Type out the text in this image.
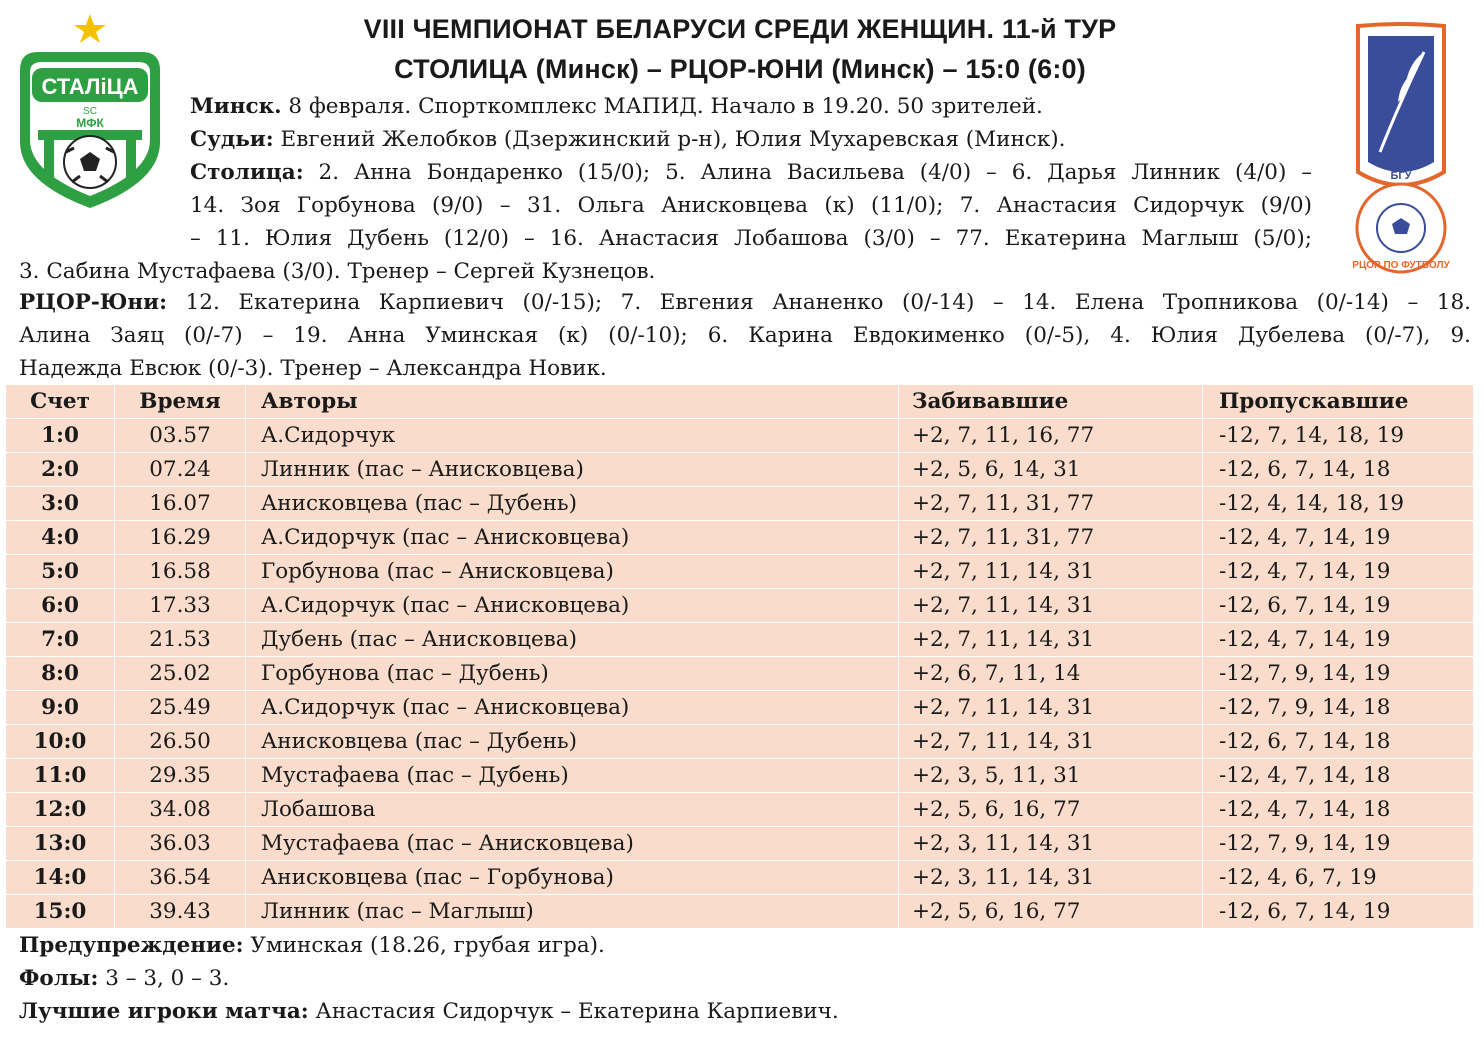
СТАЛіЦА
SC
МФК
БГУ
РЦОР ПО ФУТБОЛУ
VIII ЧЕМПИОНАТ БЕЛАРУСИ СРЕДИ ЖЕНЩИН. 11-й ТУР
СТОЛИЦА (Минск) – РЦОР-ЮНИ (Минск) – 15:0 (6:0)
Минск. 8 февраля. Спорткомплекс МАПИД. Начало в 19.20. 50 зрителей.
Судьи: Евгений Желобков (Дзержинский р-н), Юлия Мухаревская (Минск).
Столица: 2. Анна Бондаренко (15/0); 5. Алина Васильева (4/0) – 6. Дарья Линник (4/0) –
14. Зоя Горбунова (9/0) – 31. Ольга Анисковцева (к) (11/0); 7. Анастасия Сидорчук (9/0)
– 11. Юлия Дубень (12/0) – 16. Анастасия Лобашова (3/0) – 77. Екатерина Маглыш (5/0);
3. Сабина Мустафаева (3/0). Тренер – Сергей Кузнецов.
РЦОР-Юни: 12. Екатерина Карпиевич (0/-15); 7. Евгения Ананенко (0/-14) – 14. Елена Тропникова (0/-14) – 18.
Алина Заяц (0/-7) – 19. Анна Уминская (к) (0/-10); 6. Карина Евдокименко (0/-5), 4. Юлия Дубелева (0/-7), 9.
Надежда Евсюк (0/-3). Тренер – Александра Новик.
Счет	Время	Авторы	Забивавшие	Пропускавшие
1:0	03.57	А.Сидорчук	+2, 7, 11, 16, 77	-12, 7, 14, 18, 19
2:0	07.24	Линник (пас – Анисковцева)	+2, 5, 6, 14, 31	-12, 6, 7, 14, 18
3:0	16.07	Анисковцева (пас – Дубень)	+2, 7, 11, 31, 77	-12, 4, 14, 18, 19
4:0	16.29	А.Сидорчук (пас – Анисковцева)	+2, 7, 11, 31, 77	-12, 4, 7, 14, 19
5:0	16.58	Горбунова (пас – Анисковцева)	+2, 7, 11, 14, 31	-12, 4, 7, 14, 19
6:0	17.33	А.Сидорчук (пас – Анисковцева)	+2, 7, 11, 14, 31	-12, 6, 7, 14, 19
7:0	21.53	Дубень (пас – Анисковцева)	+2, 7, 11, 14, 31	-12, 4, 7, 14, 19
8:0	25.02	Горбунова (пас – Дубень)	+2, 6, 7, 11, 14	-12, 7, 9, 14, 19
9:0	25.49	А.Сидорчук (пас – Анисковцева)	+2, 7, 11, 14, 31	-12, 7, 9, 14, 18
10:0	26.50	Анисковцева (пас – Дубень)	+2, 7, 11, 14, 31	-12, 6, 7, 14, 18
11:0	29.35	Мустафаева (пас – Дубень)	+2, 3, 5, 11, 31	-12, 4, 7, 14, 18
12:0	34.08	Лобашова	+2, 5, 6, 16, 77	-12, 4, 7, 14, 18
13:0	36.03	Мустафаева (пас – Анисковцева)	+2, 3, 11, 14, 31	-12, 7, 9, 14, 19
14:0	36.54	Анисковцева (пас – Горбунова)	+2, 3, 11, 14, 31	-12, 4, 6, 7, 19
15:0	39.43	Линник (пас – Маглыш)	+2, 5, 6, 16, 77	-12, 6, 7, 14, 19
Предупреждение: Уминская (18.26, грубая игра).
Фолы: 3 – 3, 0 – 3.
Лучшие игроки матча: Анастасия Сидорчук – Екатерина Карпиевич.
